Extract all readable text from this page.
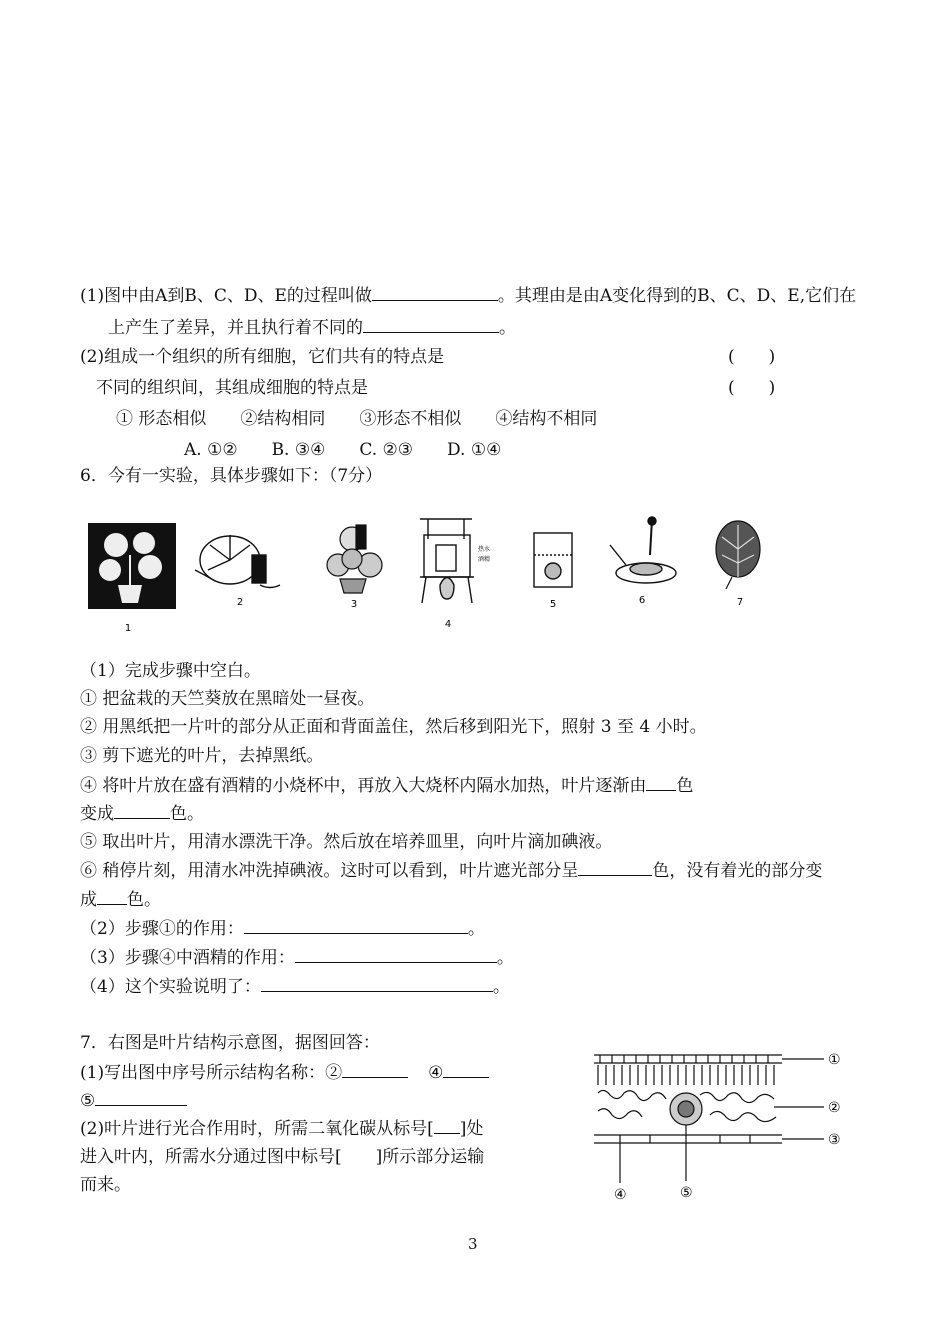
(1)图中由A到B、C、D、E的过程叫做	。其理由是由A变化得到的B、C、D、E,它们在
上产生了差异，并且执行着不同的	。
(2)组成一个组织的所有细胞，它们共有的特点是	(　　)
不同的组织间，其组成细胞的特点是	(　　)
① 形态相似　　②结构相同　　③形态不相似　　④结构不相同
A. ①②　　B. ③④　　C. ②③　　D. ①④
6．今有一实验，具体步骤如下：（7分）
1
2	3
热水
酒精
4
5	6	7
（1）完成步骤中空白。
① 把盆栽的天竺葵放在黑暗处一昼夜。
② 用黑纸把一片叶的部分从正面和背面盖住，然后移到阳光下，照射 3 至 4 小时。
③ 剪下遮光的叶片，去掉黑纸。
④ 将叶片放在盛有酒精的小烧杯中，再放入大烧杯内隔水加热，叶片逐渐由 色
变成	色。
⑤ 取出叶片，用清水漂洗干净。然后放在培养皿里，向叶片滴加碘液。
⑥ 稍停片刻，用清水冲洗掉碘液。这时可以看到，叶片遮光部分呈	色，没有着光的部分变
成 色。
（2）步骤①的作用：	。
（3）步骤④中酒精的作用：	。
（4）这个实验说明了：	。
7．右图是叶片结构示意图，据图回答：
(1)写出图中序号所示结构名称：②	④
⑤
(2)叶片进行光合作用时，所需二氧化碳从标号[ ]处
进入叶内，所需水分通过图中标号[　　]所示部分运输
而来。
①
②
③
④	⑤
3
